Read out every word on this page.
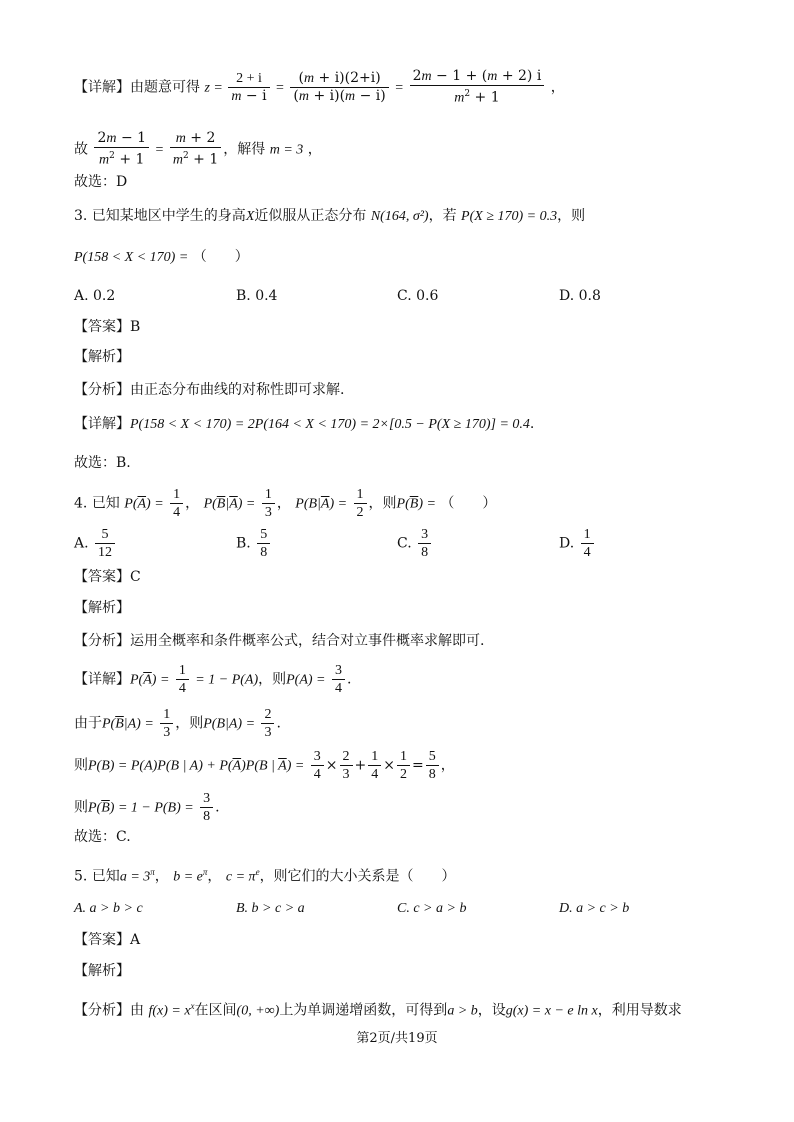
【详解】由题意可得 $z = \frac{2 + i}{m - i} = \frac{(m + i)(2+i)}{(m + i)(m - i)} = \frac{2m - 1 + (m + 2) i}{m^2 + 1}$ ，
故 $\frac{2m - 1}{m^2 + 1} = \frac{m + 2}{m^2 + 1}$ ，解得 m = 3 ，
故选：D
3. 已知某地区中学生的身高X近似服从正态分布 N(164, σ²)，若 P(X ≥ 170) = 0.3，则
P(158 < X < 170) = （　　）
A. 0.2	B. 0.4	C. 0.6	D. 0.8
【答案】B
【解析】
【分析】由正态分布曲线的对称性即可求解.
【详解】P(158 < X < 170) = 2P(164 < X < 170) = 2×[0.5 − P(X ≥ 170)] = 0.4.
故选：B.
4. 已知 $P(\overline{A}) = \frac{1}{4}$ ， $P(\overline{B}|\overline{A}) = \frac{1}{3}$ ， $P(B|\overline{A}) = \frac{1}{2}$ ，则$P(\overline{B})$ = （　　）
A. $\frac{5}{12}$	B. $\frac{5}{8}$	C. $\frac{3}{8}$	D. $\frac{1}{4}$
【答案】C
【解析】
【分析】运用全概率和条件概率公式，结合对立事件概率求解即可.
【详解】$P(\overline{A}) = \frac{1}{4} = 1 - P(A)$，则$P(A) = \frac{3}{4}$ .
由于$P(\overline{B}|A) = \frac{1}{3}$ ，则$P(B|A) = \frac{2}{3}$ .
则P(B) = P(A)P(B | $A) + P(\overline{A})P(B$ | $\overline{A}) = \frac{3}{4} \times \frac{2}{3} + \frac{1}{4} \times \frac{1}{2} = \frac{5}{8}$ ，
则$P(\overline{B}) = 1 - P(B) = \frac{3}{8}$ .
故选：C.
5. 已知$a = 3^\pi$， $b = e^\pi$， $c = \pi^e$，则它们的大小关系是（　　）
A. a > b > c	B. b > c > a	C. c > a > b	D. a > c > b
【答案】A
【解析】
【分析】由 $f(x) = x^x$在区间(0, +∞)上为单调递增函数，可得到a > b，设g(x) = x − e ln x，利用导数求
第2页/共19页
